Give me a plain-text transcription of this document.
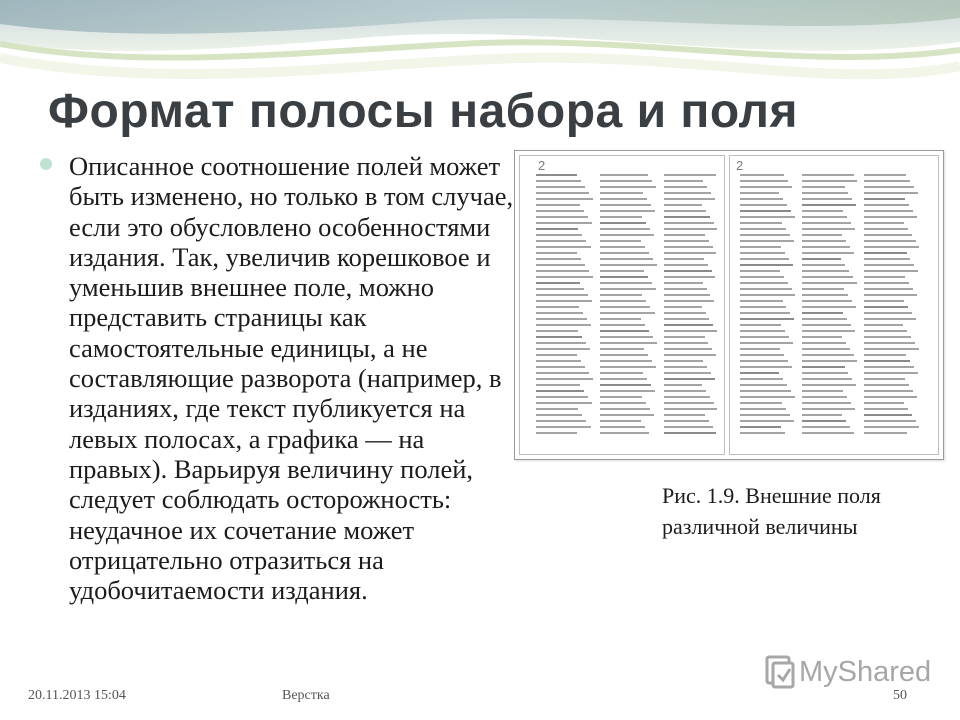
Формат полосы набора и поля

Описанное соотношение полей может быть изменено, но только в том случае, если это обусловлено особенностями издания. Так, увеличив корешковое и уменьшив внешнее поле, можно представить страницы как самостоятельные единицы, а не составляющие разворота (например, в изданиях, где текст публикуется на левых полосах, а графика — на правых). Варьируя величину полей, следует соблюдать осторожность: неудачное их сочетание может отрицательно отразиться на удобочитаемости издания.

2	2

Рис. 1.9. Внешние поля различной величины

20.11.2013 15:04	Верстка	50
MyShared
